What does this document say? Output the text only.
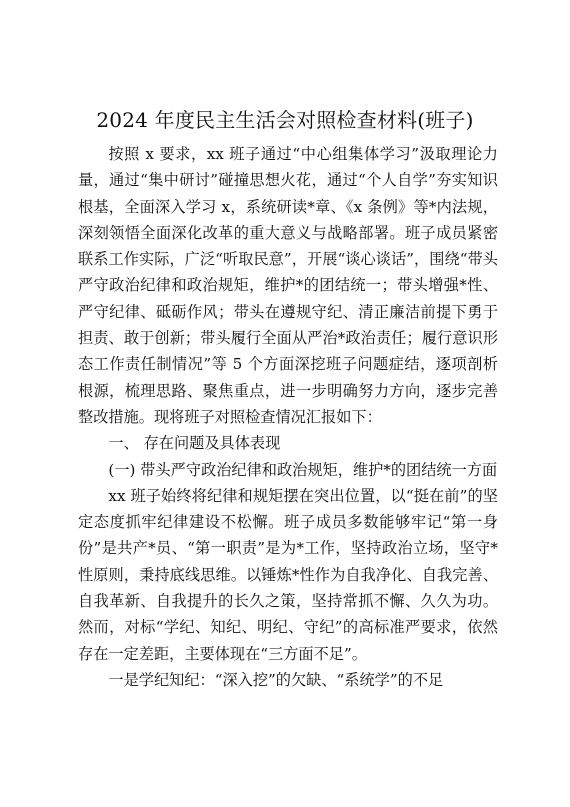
2024 年度民主生活会对照检查材料(班子)

按照 x 要求，xx 班子通过“中心组集体学习”汲取理论力量，通过“集中研讨”碰撞思想火花，通过“个人自学”夯实知识根基，全面深入学习 x，系统研读*章、《x 条例》等*内法规，深刻领悟全面深化改革的重大意义与战略部署。班子成员紧密联系工作实际，广泛“听取民意”，开展“谈心谈话”，围绕“带头严守政治纪律和政治规矩，维护*的团结统一；带头增强*性、严守纪律、砥砺作风；带头在遵规守纪、清正廉洁前提下勇于担责、敢于创新；带头履行全面从严治*政治责任；履行意识形态工作责任制情况”等 5 个方面深挖班子问题症结，逐项剖析根源，梳理思路、聚焦重点，进一步明确努力方向，逐步完善整改措施。现将班子对照检查情况汇报如下：

一、 存在问题及具体表现

(一) 带头严守政治纪律和政治规矩，维护*的团结统一方面

xx 班子始终将纪律和规矩摆在突出位置，以“挺在前”的坚定态度抓牢纪律建设不松懈。班子成员多数能够牢记“第一身份”是共产*员、“第一职责”是为*工作，坚持政治立场，坚守*性原则，秉持底线思维。以锤炼*性作为自我净化、自我完善、自我革新、自我提升的长久之策，坚持常抓不懈、久久为功。然而，对标“学纪、知纪、明纪、守纪”的高标准严要求，依然存在一定差距，主要体现在“三方面不足”。

一是学纪知纪：“深入挖”的欠缺、“系统学”的不足
